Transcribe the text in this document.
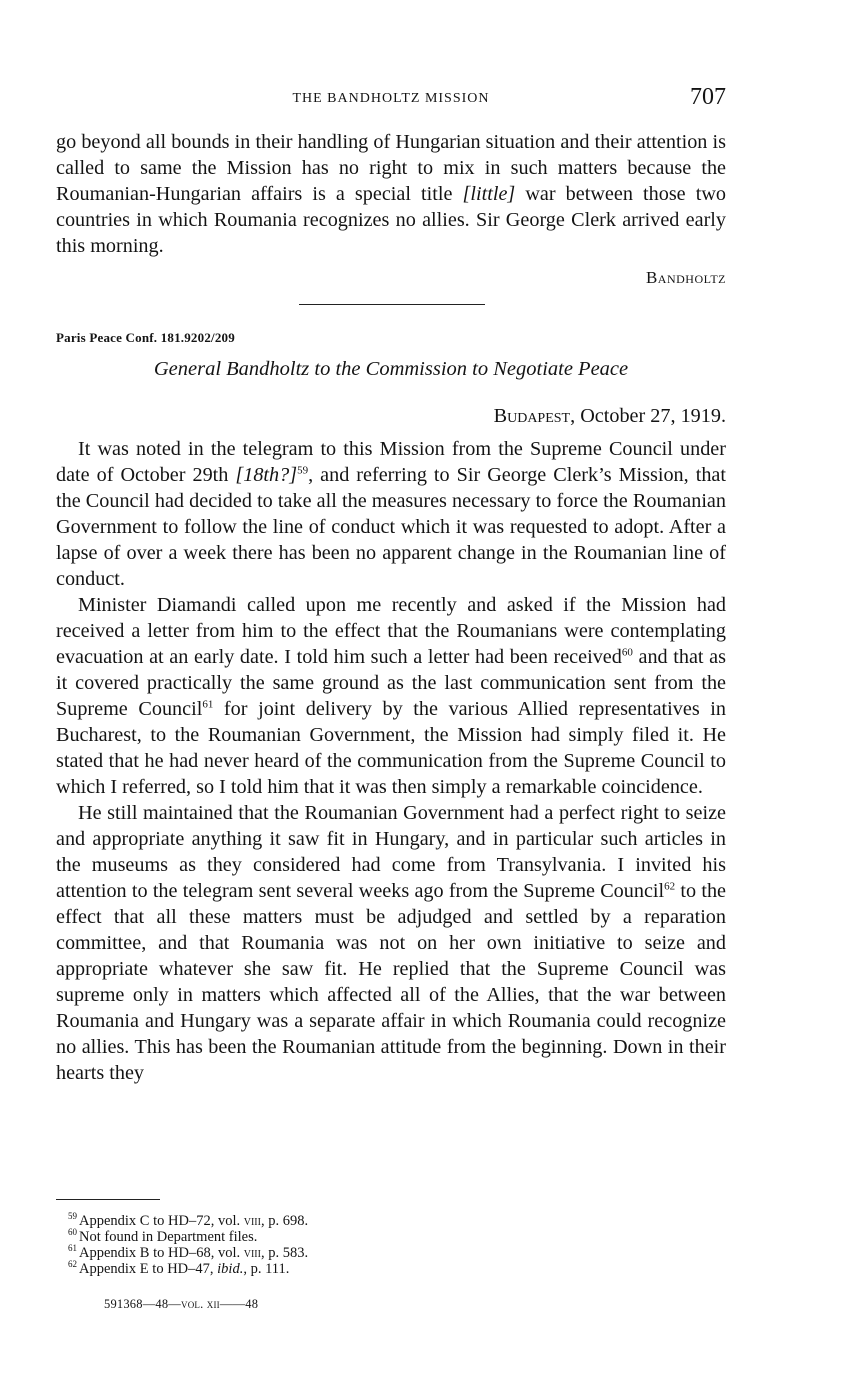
THE BANDHOLTZ MISSION	707

go beyond all bounds in their handling of Hungarian situation and their attention is called to same the Mission has no right to mix in such matters because the Roumanian-Hungarian affairs is a special title [little] war between those two countries in which Roumania recognizes no allies. Sir George Clerk arrived early this morning.

Bandholtz
Paris Peace Conf. 181.9202/209
General Bandholtz to the Commission to Negotiate Peace
Budapest, October 27, 1919.

It was noted in the telegram to this Mission from the Supreme Council under date of October 29th [18th?]$^{59}$, and referring to Sir George Clerk’s Mission, that the Council had decided to take all the measures necessary to force the Roumanian Government to follow the line of conduct which it was requested to adopt. After a lapse of over a week there has been no apparent change in the Roumanian line of conduct.

Minister Diamandi called upon me recently and asked if the Mission had received a letter from him to the effect that the Roumanians were contemplating evacuation at an early date. I told him such a letter had been received$^{60}$ and that as it covered practically the same ground as the last communication sent from the Supreme Council$^{61}$ for joint delivery by the various Allied representatives in Bucharest, to the Roumanian Government, the Mission had simply filed it. He stated that he had never heard of the communication from the Supreme Council to which I referred, so I told him that it was then simply a remarkable coincidence.

He still maintained that the Roumanian Government had a perfect right to seize and appropriate anything it saw fit in Hungary, and in particular such articles in the museums as they considered had come from Transylvania. I invited his attention to the telegram sent several weeks ago from the Supreme Council$^{62}$ to the effect that all these matters must be adjudged and settled by a reparation committee, and that Roumania was not on her own initiative to seize and appropriate whatever she saw fit. He replied that the Supreme Council was supreme only in matters which affected all of the Allies, that the war between Roumania and Hungary was a separate affair in which Roumania could recognize no allies. This has been the Roumanian attitude from the beginning. Down in their hearts they

$^{59}$ Appendix C to HD–72, vol. viii, p. 698.
$^{60}$ Not found in Department files.
$^{61}$ Appendix B to HD–68, vol. viii, p. 583.
$^{62}$ Appendix E to HD–47, ibid., p. 111.
591368—48—vol. xii——48
